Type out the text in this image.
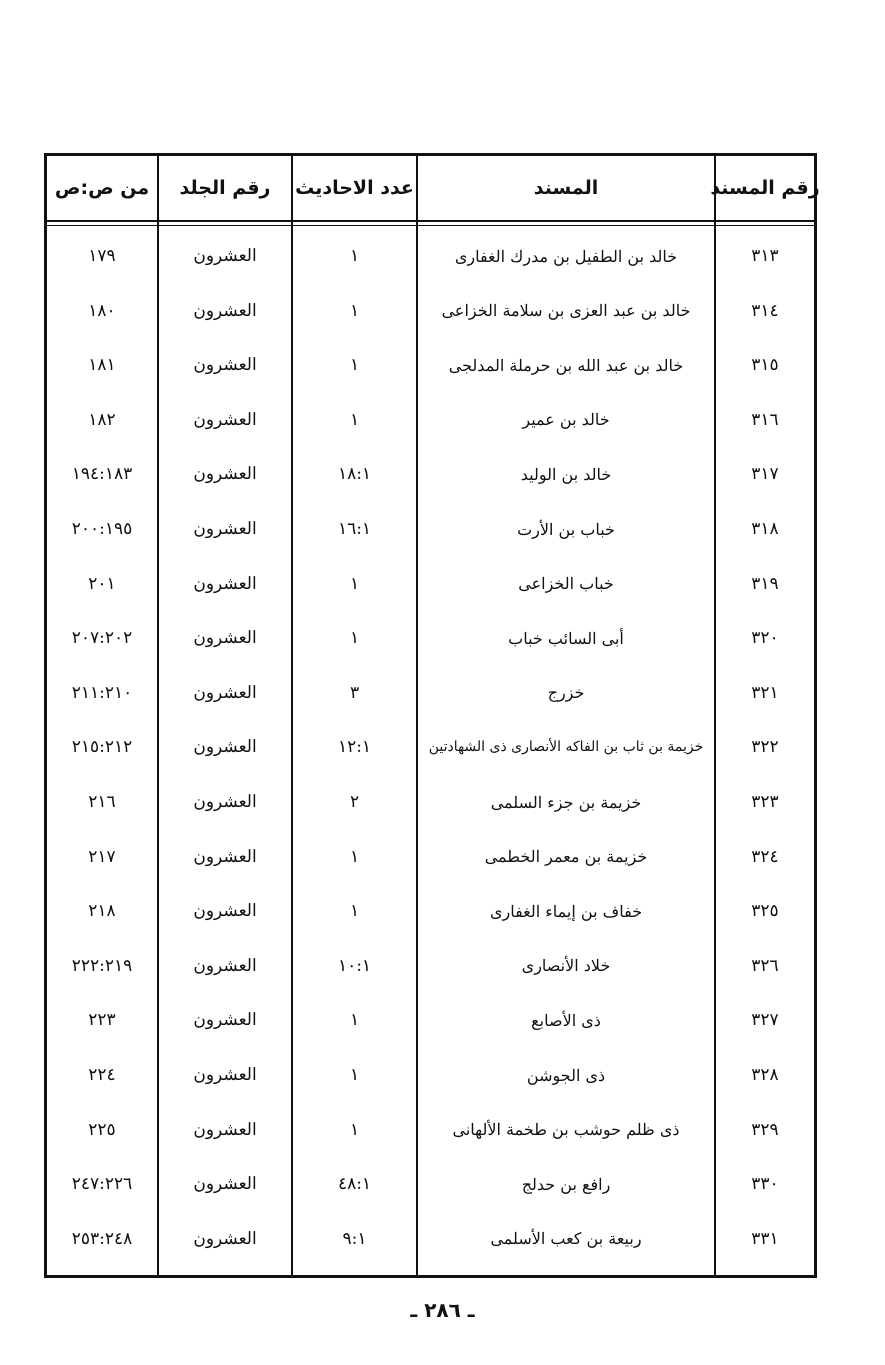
من ص:ص	رقم الجلد	عدد الاحاديث	المسند	رقم المسند
١٧٩	العشرون	١	خالد بن الطفيل بن مدرك الغفارى	٣١٣
١٨٠	العشرون	١	خالد بن عبد العزى بن سلامة الخزاعى	٣١٤
١٨١	العشرون	١	خالد بن عبد الله بن حرملة المدلجى	٣١٥
١٨٢	العشرون	١	خالد بن عمير	٣١٦
١٩٤:١٨٣	العشرون	١٨:١	خالد بن الوليد	٣١٧
٢٠٠:١٩٥	العشرون	١٦:١	خباب بن الأرت	٣١٨
٢٠١	العشرون	١	خباب الخزاعى	٣١٩
٢٠٧:٢٠٢	العشرون	١	أبى السائب خباب	٣٢٠
٢١١:٢١٠	العشرون	٣	خزرج	٣٢١
٢١٥:٢١٢	العشرون	١٢:١	خزيمة بن ثاب بن الفاكه الأنصارى ذى الشهادتين	٣٢٢
٢١٦	العشرون	٢	خزيمة بن جزء السلمى	٣٢٣
٢١٧	العشرون	١	خزيمة بن معمر الخطمى	٣٢٤
٢١٨	العشرون	١	خفاف بن إيماء الغفارى	٣٢٥
٢٢٢:٢١٩	العشرون	١٠:١	خلاد الأنصارى	٣٢٦
٢٢٣	العشرون	١	ذى الأصابع	٣٢٧
٢٢٤	العشرون	١	ذى الجوشن	٣٢٨
٢٢٥	العشرون	١	ذى ظلم حوشب بن طخمة الألهانى	٣٢٩
٢٤٧:٢٢٦	العشرون	٤٨:١	رافع بن حدلج	٣٣٠
٢٥٣:٢٤٨	العشرون	٩:١	ربيعة بن كعب الأسلمى	٣٣١
ـ ٢٨٦ ـ
